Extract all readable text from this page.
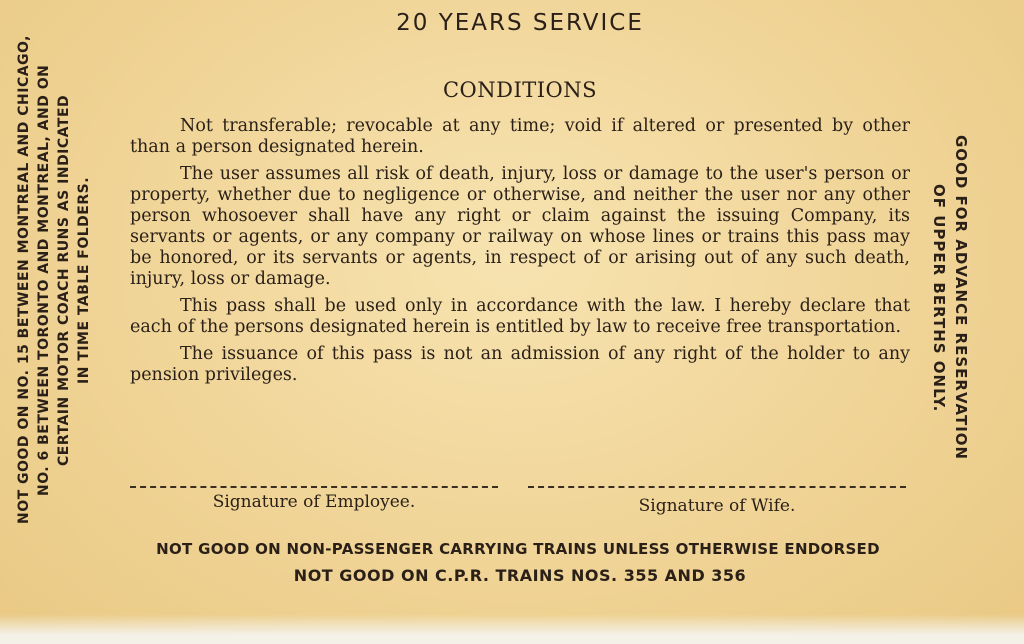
20 YEARS SERVICE
CONDITIONS

Not transferable; revocable at any time; void if altered or presented by other than a person designated herein.

The user assumes all risk of death, injury, loss or damage to the user's person or property, whether due to negligence or otherwise, and neither the user nor any other person whosoever shall have any right or claim against the issuing Company, its servants or agents, or any company or railway on whose lines or trains this pass may be honored, or its servants or agents, in respect of or arising out of any such death, injury, loss or damage.

This pass shall be used only in accordance with the law. I hereby declare that each of the persons designated herein is entitled by law to receive free transportation.

The issuance of this pass is not an admission of any right of the holder to any pension privileges.

Signature of Employee.	Signature of Wife.

NOT GOOD ON NON-PASSENGER CARRYING TRAINS UNLESS OTHERWISE ENDORSED

NOT GOOD ON C.P.R. TRAINS NOS. 355 AND 356

NOT GOOD ON NO. 15 BETWEEN MONTREAL AND CHICAGO, NO. 6 BETWEEN TORONTO AND MONTREAL, AND ON CERTAIN MOTOR COACH RUNS AS INDICATED IN TIME TABLE FOLDERS.	GOOD FOR ADVANCE RESERVATION
OF UPPER BERTHS ONLY.
